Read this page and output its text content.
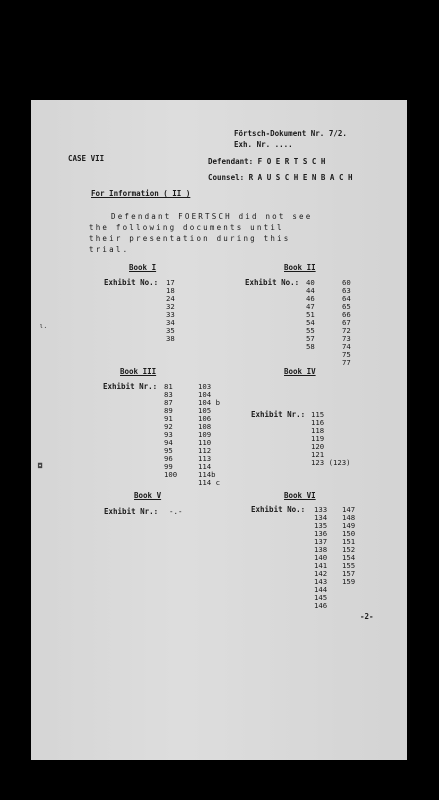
Förtsch-Dokument Nr. 7/2.
Exh. Nr. ....
CASE VII	Defendant: F O E R T S C H
Counsel: R A U S C H E N B A C H
For Information ( II )
Defendant FOERTSCH did not see
the following documents until
their presentation during this
trial.
Book I
Exhibit No.: 17
18
24
32
33
34
35
38
Book II
Exhibit No.: 40
44
46
47
51
54
55
57
58
60
63
64
65
66
67
72
73
74
75
77
ι.
Book III
Exhibit Nr.: 81
83
87
89
91
92
93
94
95
96
99
100
103
104
104 b
105
106
108
109
110
112
113
114
114b
114 c
Book IV
Exhibit Nr.: 115
116
118
119
120
121
123 (123)
◘
Book V
Exhibit Nr.: -.-
Book VI
Exhibit No.: 133
134
135
136
137
138
140
141
142
143
144
145
146
147
148
149
150
151
152
154
155
157
159
-2-
